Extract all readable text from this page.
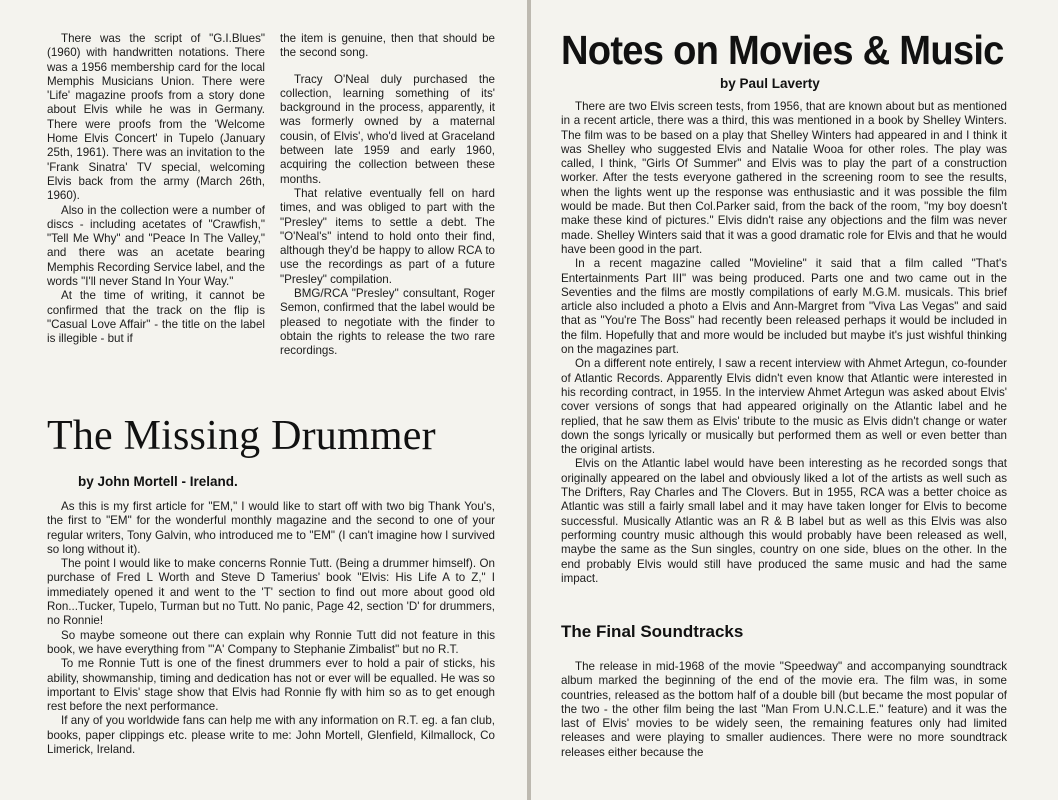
There was the script of "G.I.Blues" (1960) with handwritten notations. There was a 1956 membership card for the local Memphis Musicians Union. There were 'Life' magazine proofs from a story done about Elvis while he was in Germany. There were proofs from the 'Welcome Home Elvis Concert' in Tupelo (January 25th, 1961). There was an invitation to the 'Frank Sinatra' TV special, welcoming Elvis back from the army (March 26th, 1960).

Also in the collection were a number of discs - including acetates of "Crawfish," "Tell Me Why" and "Peace In The Valley," and there was an acetate bearing Memphis Recording Service label, and the words "I'll never Stand In Your Way."

At the time of writing, it cannot be confirmed that the track on the flip is "Casual Love Affair" - the title on the label is illegible - but if

the item is genuine, then that should be the second song.

Tracy O'Neal duly purchased the collection, learning something of its' background in the process, apparently, it was formerly owned by a maternal cousin, of Elvis', who'd lived at Graceland between late 1959 and early 1960, acquiring the collection between these months.

That relative eventually fell on hard times, and was obliged to part with the "Presley" items to settle a debt. The "O'Neal's" intend to hold onto their find, although they'd be happy to allow RCA to use the recordings as part of a future "Presley" compilation.

BMG/RCA "Presley" consultant, Roger Semon, confirmed that the label would be pleased to negotiate with the finder to obtain the rights to release the two rare recordings.

The Missing Drummer
by John Mortell - Ireland.

As this is my first article for "EM," I would like to start off with two big Thank You's, the first to "EM" for the wonderful monthly magazine and the second to one of your regular writers, Tony Galvin, who introduced me to "EM" (I can't imagine how I survived so long without it).

The point I would like to make concerns Ronnie Tutt. (Being a drummer himself). On purchase of Fred L Worth and Steve D Tamerius' book "Elvis: His Life A to Z," I immediately opened it and went to the 'T' section to find out more about good old Ron...Tucker, Tupelo, Turman but no Tutt. No panic, Page 42, section 'D' for drummers, no Ronnie!

So maybe someone out there can explain why Ronnie Tutt did not feature in this book, we have everything from "'A' Company to Stephanie Zimbalist" but no R.T.

To me Ronnie Tutt is one of the finest drummers ever to hold a pair of sticks, his ability, showmanship, timing and dedication has not or ever will be equalled. He was so important to Elvis' stage show that Elvis had Ronnie fly with him so as to get enough rest before the next performance.

If any of you worldwide fans can help me with any information on R.T. eg. a fan club, books, paper clippings etc. please write to me: John Mortell, Glenfield, Kilmallock, Co Limerick, Ireland.

Notes on Movies & Music
by Paul Laverty

There are two Elvis screen tests, from 1956, that are known about but as mentioned in a recent article, there was a third, this was mentioned in a book by Shelley Winters. The film was to be based on a play that Shelley Winters had appeared in and I think it was Shelley who suggested Elvis and Natalie Wooa for other roles. The play was called, I think, "Girls Of Summer" and Elvis was to play the part of a construction worker. After the tests everyone gathered in the screening room to see the results, when the lights went up the response was enthusiastic and it was possible the film would be made. But then Col.Parker said, from the back of the room, "my boy doesn't make these kind of pictures." Elvis didn't raise any objections and the film was never made. Shelley Winters said that it was a good dramatic role for Elvis and that he would have been good in the part.

In a recent magazine called "Movieline" it said that a film called "That's Entertainments Part III" was being produced. Parts one and two came out in the Seventies and the films are mostly compilations of early M.G.M. musicals. This brief article also included a photo a Elvis and Ann-Margret from "Viva Las Vegas" and said that as "You're The Boss" had recently been released perhaps it would be included in the film. Hopefully that and more would be included but maybe it's just wishful thinking on the magazines part.

On a different note entirely, I saw a recent interview with Ahmet Artegun, co-founder of Atlantic Records. Apparently Elvis didn't even know that Atlantic were interested in his recording contract, in 1955. In the interview Ahmet Artegun was asked about Elvis' cover versions of songs that had appeared originally on the Atlantic label and he replied, that he saw them as Elvis' tribute to the music as Elvis didn't change or water down the songs lyrically or musically but performed them as well or even better than the original artists.

Elvis on the Atlantic label would have been interesting as he recorded songs that originally appeared on the label and obviously liked a lot of the artists as well such as The Drifters, Ray Charles and The Clovers. But in 1955, RCA was a better choice as Atlantic was still a fairly small label and it may have taken longer for Elvis to become successful. Musically Atlantic was an R & B label but as well as this Elvis was also performing country music although this would probably have been released as well, maybe the same as the Sun singles, country on one side, blues on the other. In the end probably Elvis would still have produced the same music and had the same impact.

The Final Soundtracks

The release in mid-1968 of the movie "Speedway" and accompanying soundtrack album marked the beginning of the end of the movie era. The film was, in some countries, released as the bottom half of a double bill (but became the most popular of the two - the other film being the last "Man From U.N.C.L.E." feature) and it was the last of Elvis' movies to be widely seen, the remaining features only had limited releases and were playing to smaller audiences. There were no more soundtrack releases either because the
